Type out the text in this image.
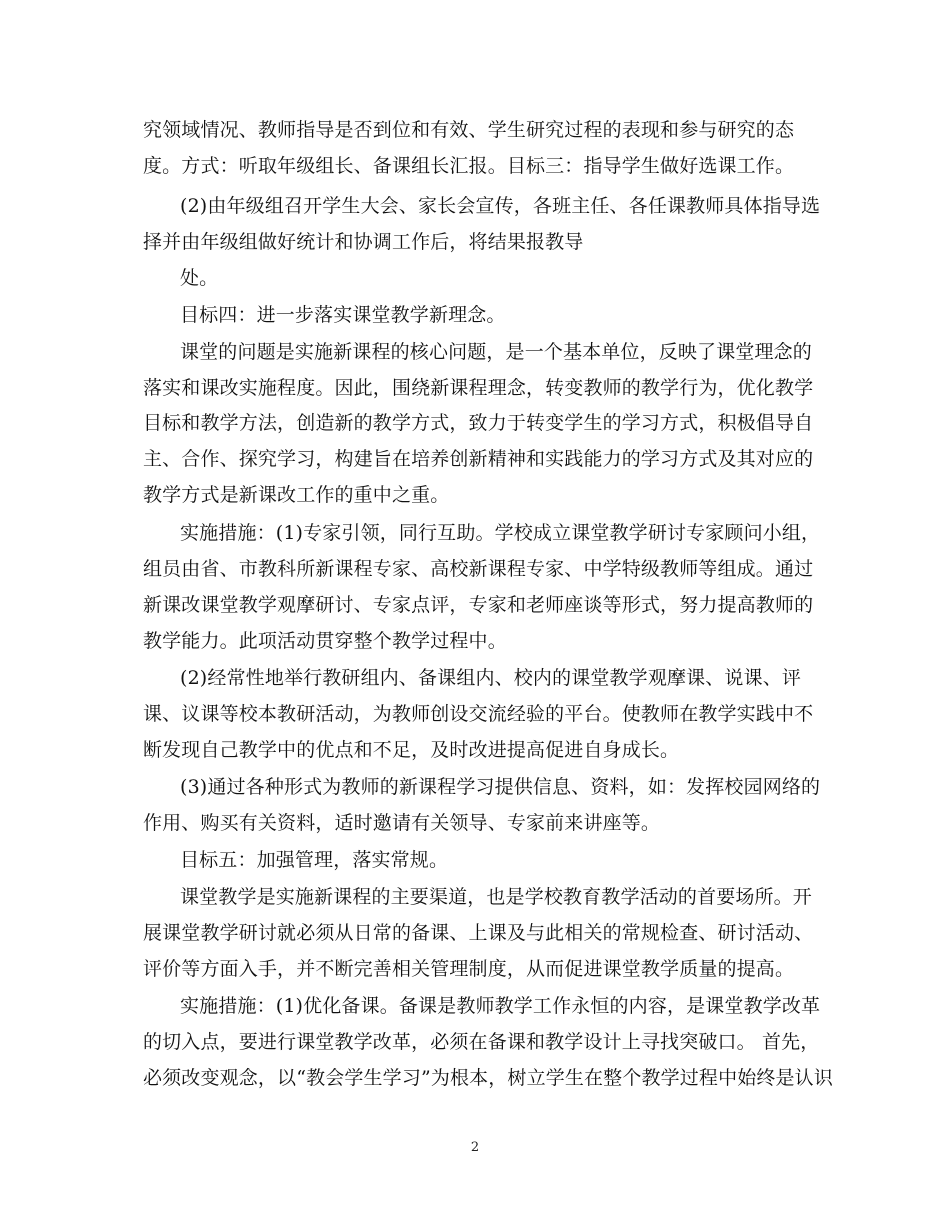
究领域情况、教师指导是否到位和有效、学生研究过程的表现和参与研究的态
度。方式：听取年级组长、备课组长汇报。目标三：指导学生做好选课工作。
(2)由年级组召开学生大会、家长会宣传，各班主任、各任课教师具体指导选
择并由年级组做好统计和协调工作后，将结果报教导
处。
目标四：进一步落实课堂教学新理念。
课堂的问题是实施新课程的核心问题，是一个基本单位，反映了课堂理念的
落实和课改实施程度。因此，围绕新课程理念，转变教师的教学行为，优化教学
目标和教学方法，创造新的教学方式，致力于转变学生的学习方式，积极倡导自
主、合作、探究学习，构建旨在培养创新精神和实践能力的学习方式及其对应的
教学方式是新课改工作的重中之重。
实施措施：(1)专家引领，同行互助。学校成立课堂教学研讨专家顾问小组，
组员由省、市教科所新课程专家、高校新课程专家、中学特级教师等组成。通过
新课改课堂教学观摩研讨、专家点评，专家和老师座谈等形式，努力提高教师的
教学能力。此项活动贯穿整个教学过程中。
(2)经常性地举行教研组内、备课组内、校内的课堂教学观摩课、说课、评
课、议课等校本教研活动，为教师创设交流经验的平台。使教师在教学实践中不
断发现自己教学中的优点和不足，及时改进提高促进自身成长。
(3)通过各种形式为教师的新课程学习提供信息、资料，如：发挥校园网络的
作用、购买有关资料，适时邀请有关领导、专家前来讲座等。
目标五：加强管理，落实常规。
课堂教学是实施新课程的主要渠道，也是学校教育教学活动的首要场所。开
展课堂教学研讨就必须从日常的备课、上课及与此相关的常规检查、研讨活动、
评价等方面入手，并不断完善相关管理制度，从而促进课堂教学质量的提高。
实施措施：(1)优化备课。备课是教师教学工作永恒的内容，是课堂教学改革
的切入点，要进行课堂教学改革，必须在备课和教学设计上寻找突破口。 首先，
必须改变观念，以“教会学生学习”为根本，树立学生在整个教学过程中始终是认识
2
